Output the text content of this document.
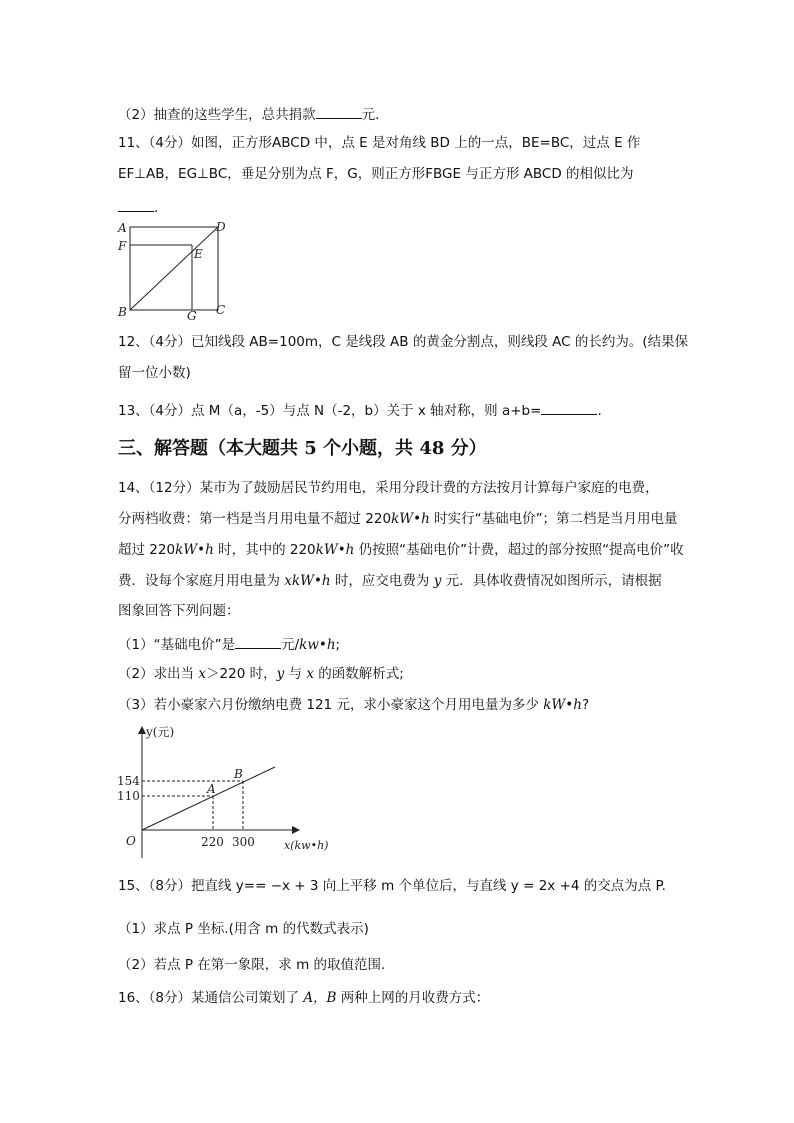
（2）抽查的这些学生，总共捐款	元.
11、（4分）如图，正方形ABCD 中，点 E 是对角线 BD 上的一点，BE=BC，过点 E 作
EF⊥AB，EG⊥BC，垂足分别为点 F，G，则正方形FBGE 与正方形 ABCD 的相似比为
.
A
F
B
D
E
G C
12、（4分）已知线段 AB=100m，C 是线段 AB 的黄金分割点，则线段 AC 的长约为。(结果保
留一位小数)
13、（4分）点 M（a，-5）与点 N（-2，b）关于 x 轴对称，则 a+b=	.
三、解答题（本大题共 5 个小题，共 48 分）
14、（12分）某市为了鼓励居民节约用电，采用分段计费的方法按月计算每户家庭的电费，
分两档收费：第一档是当月用电量不超过 220kW•h 时实行“基础电价”；第二档是当月用电量
超过 220kW•h 时，其中的 220kW•h 仍按照“基础电价”计费，超过的部分按照“提高电价”收
费．设每个家庭月用电量为 xkW•h 时，应交电费为 y 元．具体收费情况如图所示，请根据
图象回答下列问题：
（1）“基础电价”是	元/kw•h;
（2）求出当 x＞220 时，y 与 x 的函数解析式;
（3）若小豪家六月份缴纳电费 121 元，求小豪家这个月用电量为多少 kW•h?
y(元)
x(kw•h)
O
154
110
220 300
A
B
15、（8分）把直线 y== −x + 3 向上平移 m 个单位后，与直线 y = 2x +4 的交点为点 P.
（1）求点 P 坐标.(用含 m 的代数式表示)
（2）若点 P 在第一象限，求 m 的取值范围.
16、（8分）某通信公司策划了 A，B 两种上网的月收费方式：
